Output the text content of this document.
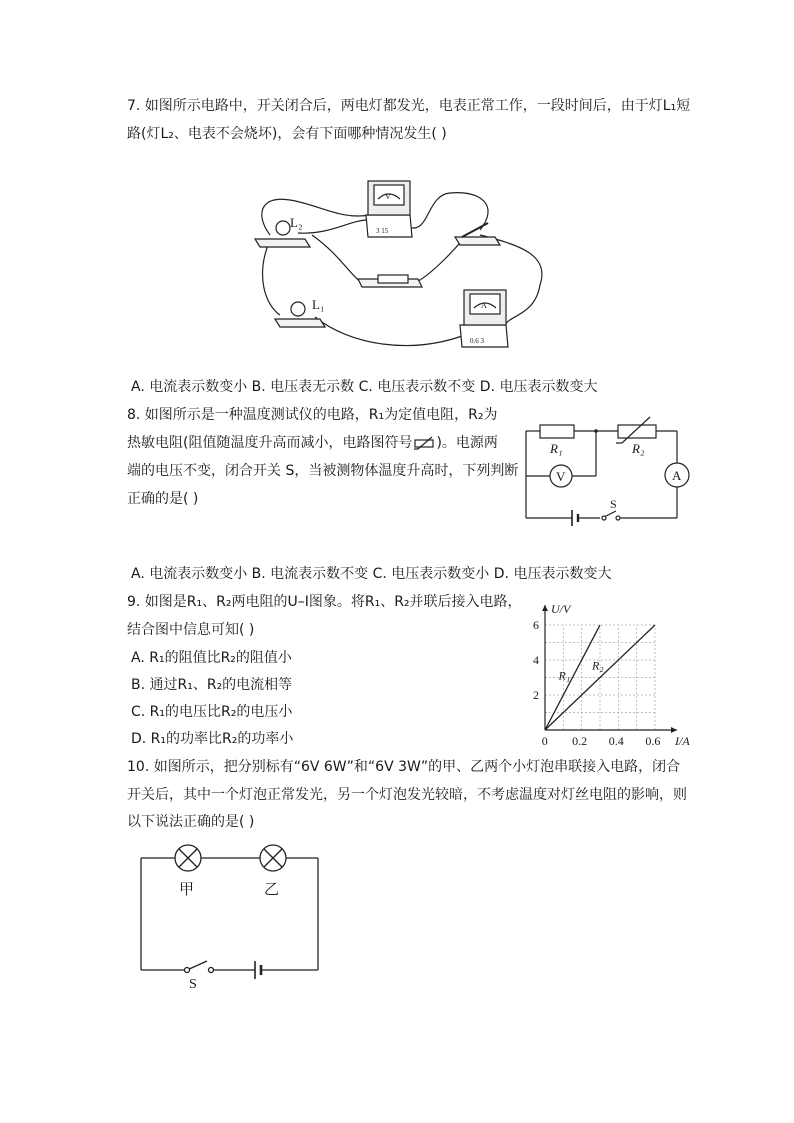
7. 如图所示电路中，开关闭合后，两电灯都发光，电表正常工作，一段时间后，由于灯L₁短
路(灯L₂、电表不会烧坏)，会有下面哪种情况发生( )
L₂
L₁
V
A
3 15
0.6 3
A. 电流表示数变小 B. 电压表无示数 C. 电压表示数不变 D. 电压表示数变大
8. 如图所示是一种温度测试仪的电路，R₁为定值电阻，R₂为
热敏电阻(阻值随温度升高而减小，电路图符号 )。电源两
端的电压不变，闭合开关 S，当被测物体温度升高时，下列判断
正确的是( )
R₁	R₂
V	A
S
A. 电流表示数变小 B. 电流表示数不变 C. 电压表示数变小 D. 电压表示数变大
9. 如图是R₁、R₂两电阻的U–I图象。将R₁、R₂并联后接入电路，
结合图中信息可知( )
A. R₁的阻值比R₂的阻值小
B. 通过R₁、R₂的电流相等
C. R₁的电压比R₂的电压小
D. R₁的功率比R₂的功率小	0 0.2 0.4 0.6
2
4
6
I/A
U/V
R₁
R₂
10. 如图所示，把分别标有“6V 6W”和“6V 3W”的甲、乙两个小灯泡串联接入电路，闭合
开关后，其中一个灯泡正常发光，另一个灯泡发光较暗，不考虑温度对灯丝电阻的影响，则
以下说法正确的是( )
甲	乙
S
